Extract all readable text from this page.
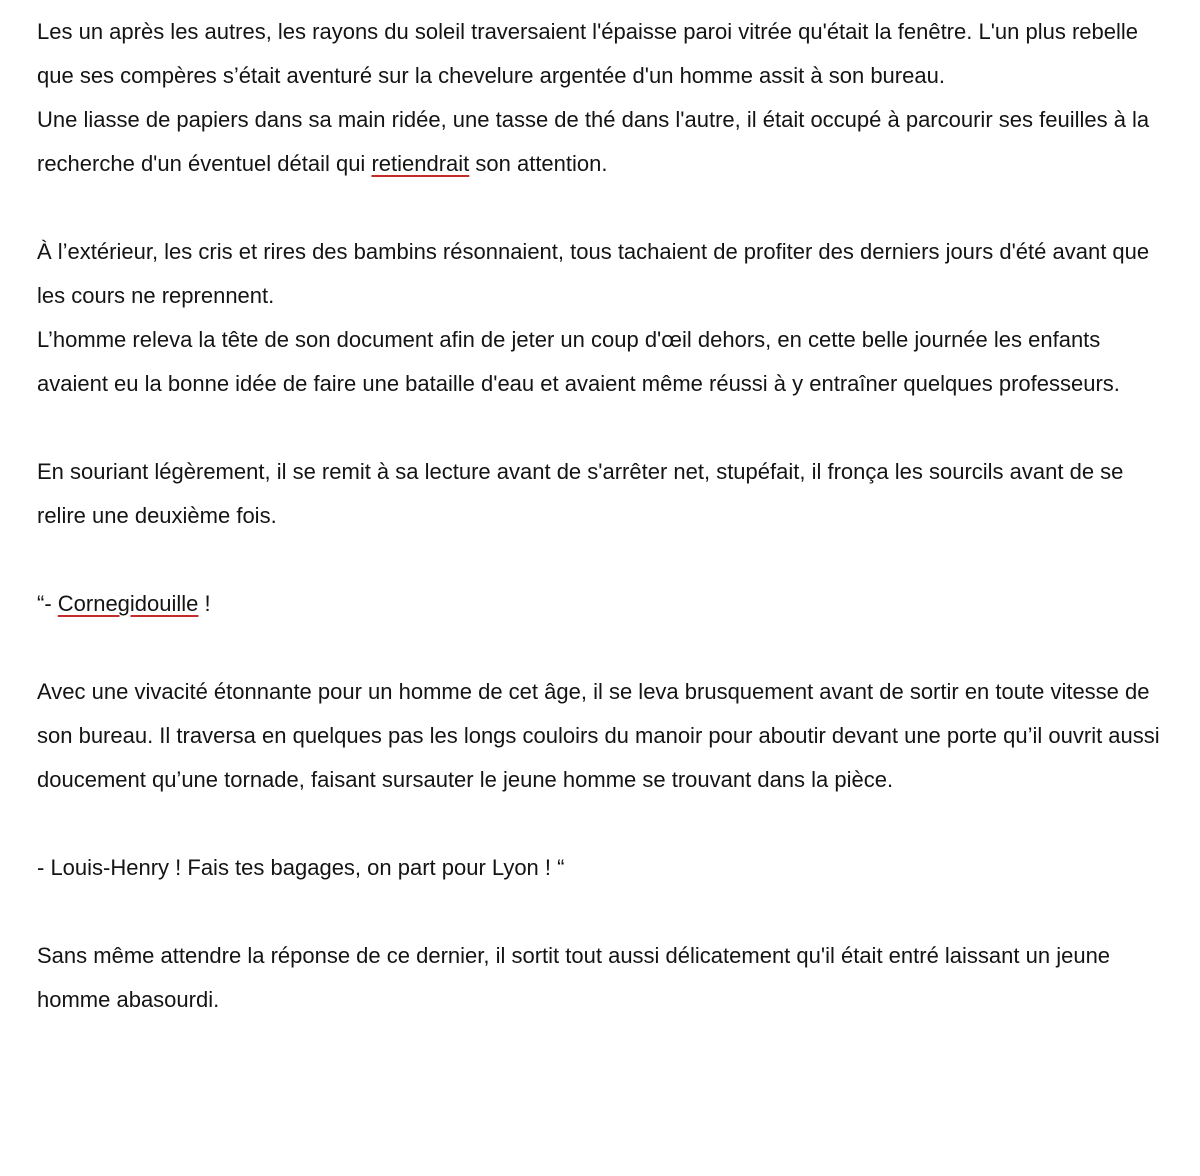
Les un après les autres, les rayons du soleil traversaient l'épaisse paroi vitrée qu'était la fenêtre. L'un plus rebelle que ses compères s’était aventuré sur la chevelure argentée d'un homme assit à son bureau.

Une liasse de papiers dans sa main ridée, une tasse de thé dans l'autre, il était occupé à parcourir ses feuilles à la recherche d'un éventuel détail qui retiendrait son attention.

À l’extérieur, les cris et rires des bambins résonnaient, tous tachaient de profiter des derniers jours d'été avant que les cours ne reprennent.

L’homme releva la tête de son document afin de jeter un coup d'œil dehors, en cette belle journée les enfants avaient eu la bonne idée de faire une bataille d'eau et avaient même réussi à y entraîner quelques professeurs.

En souriant légèrement, il se remit à sa lecture avant de s'arrêter net, stupéfait, il fronça les sourcils avant de se relire une deuxième fois.

“- Cornegidouille !

Avec une vivacité étonnante pour un homme de cet âge, il se leva brusquement avant de sortir en toute vitesse de son bureau. Il traversa en quelques pas les longs couloirs du manoir pour aboutir devant une porte qu’il ouvrit aussi doucement qu’une tornade, faisant sursauter le jeune homme se trouvant dans la pièce.

- Louis-Henry ! Fais tes bagages, on part pour Lyon ! “

Sans même attendre la réponse de ce dernier, il sortit tout aussi délicatement qu'il était entré laissant un jeune homme abasourdi.
